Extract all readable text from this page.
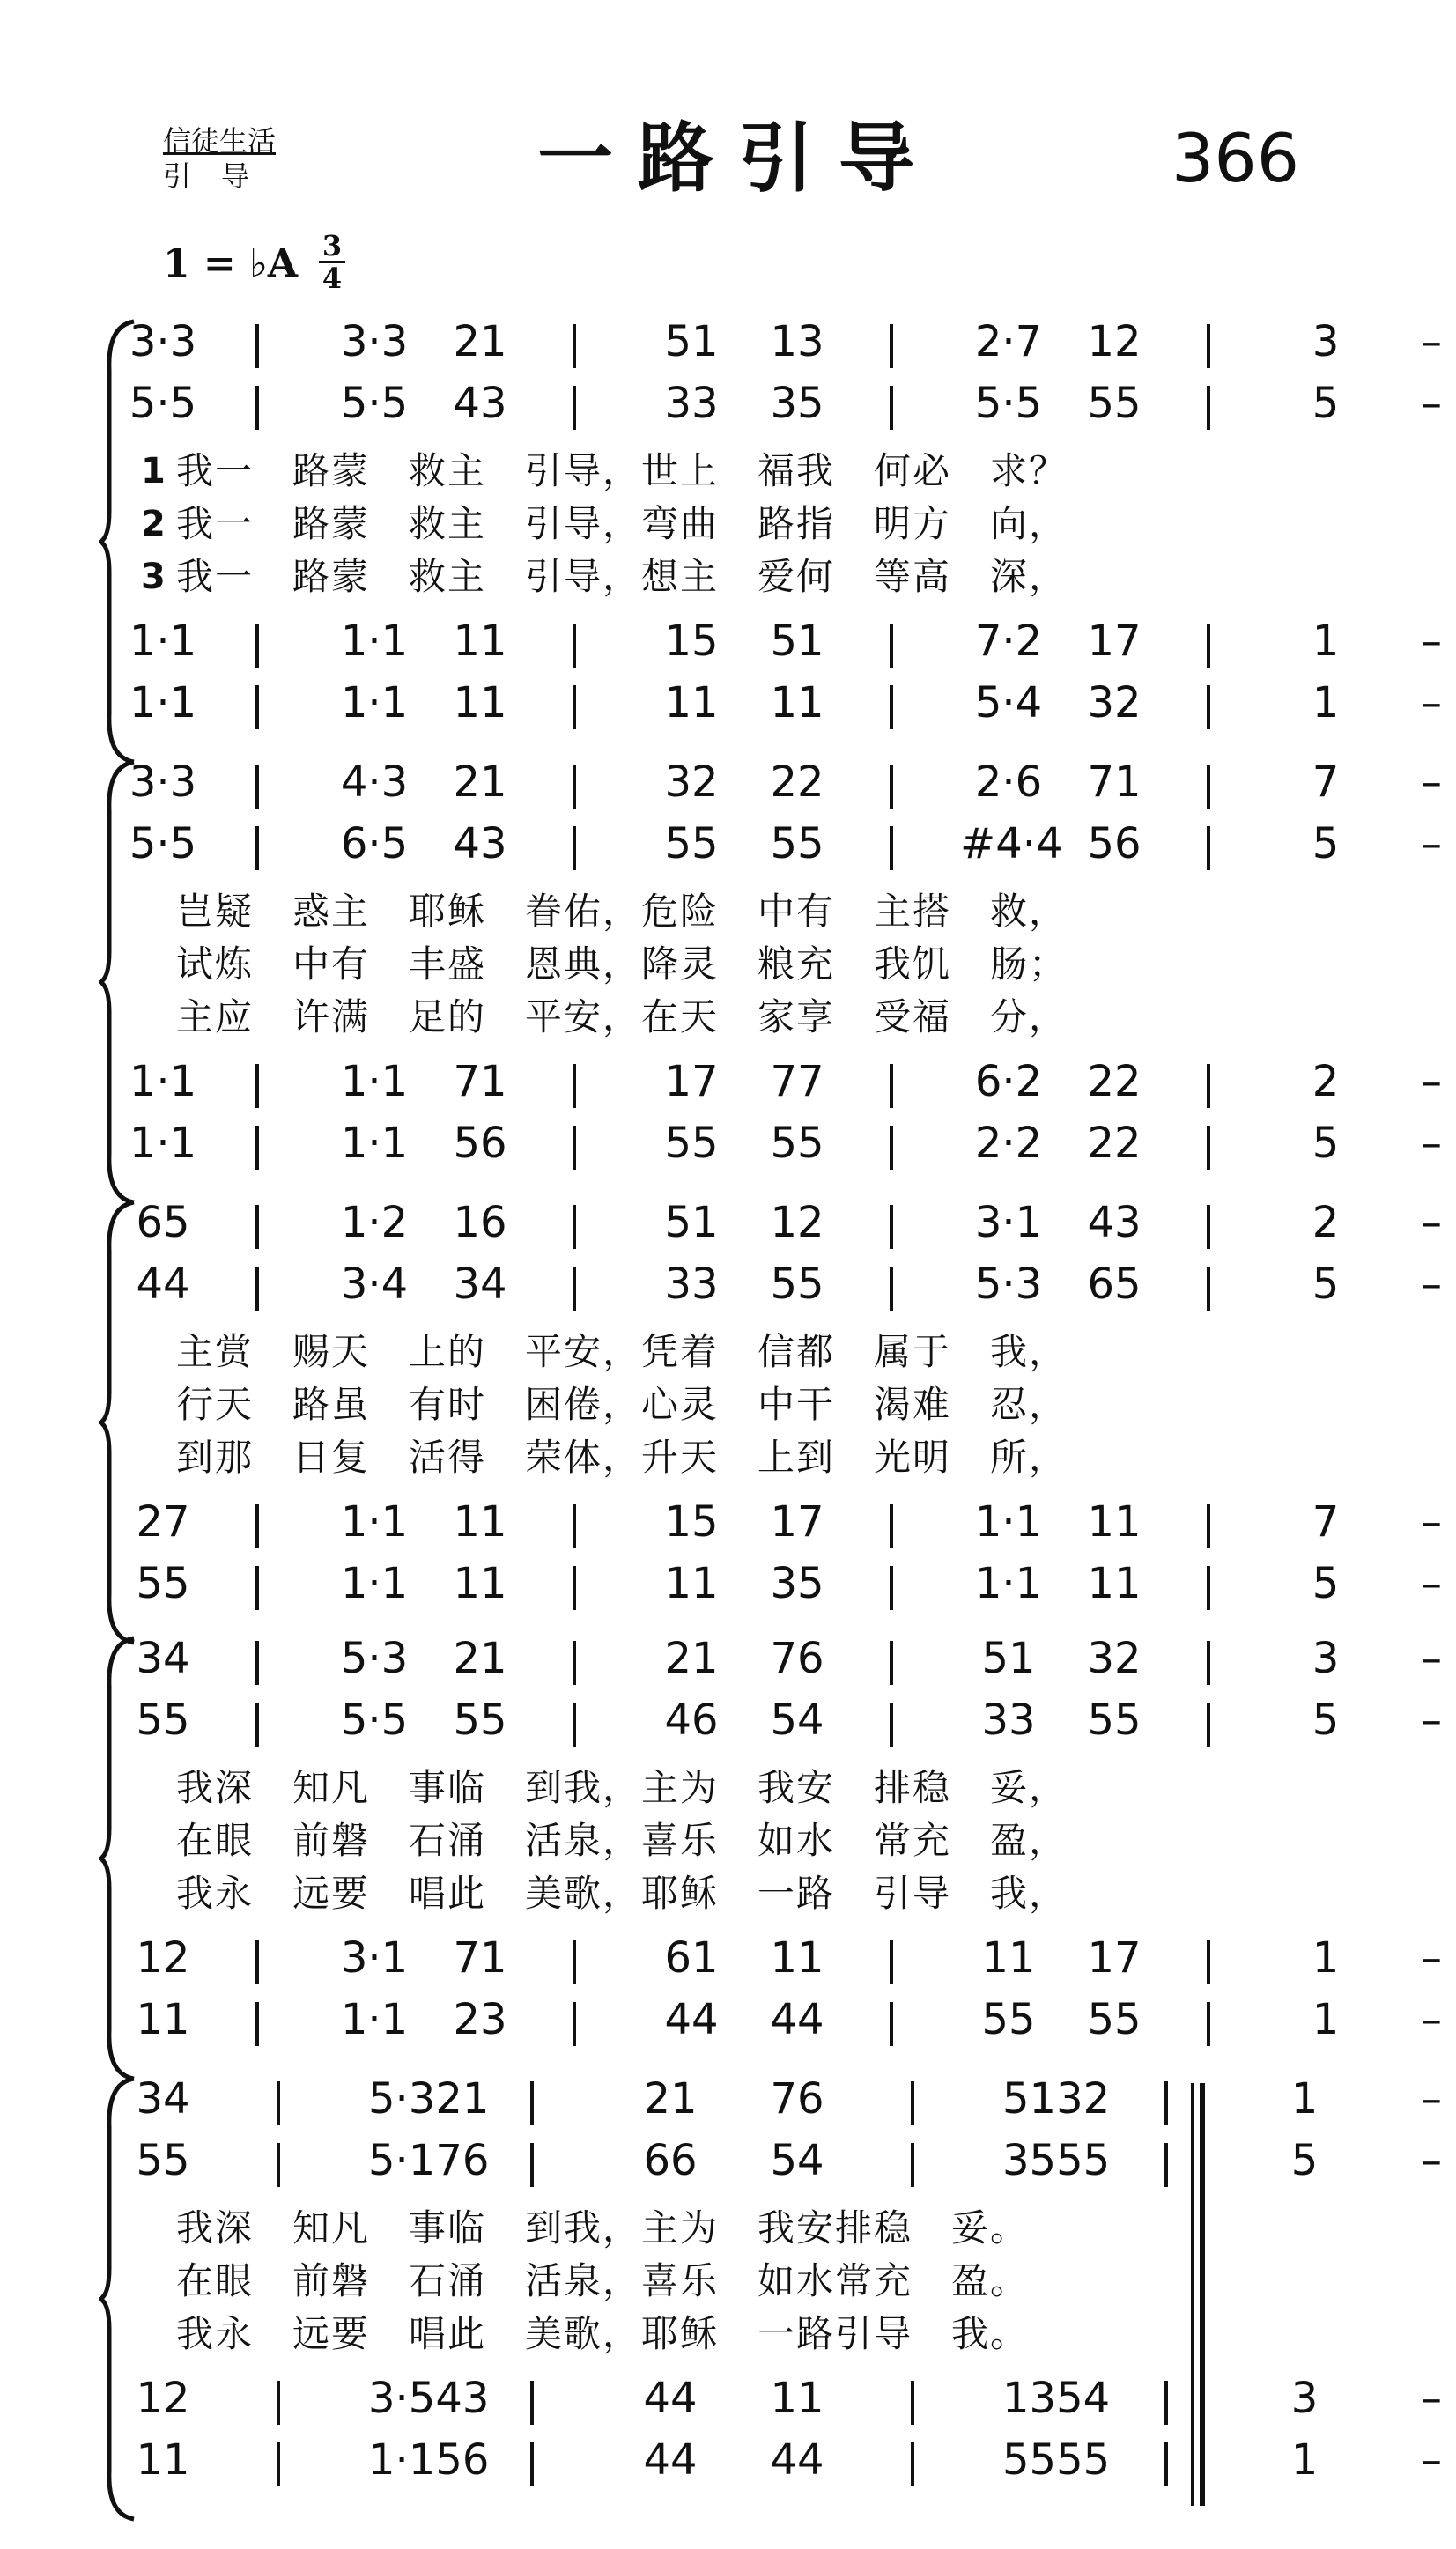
信徒生活
引导	一路引导	366
1 = ♭A 3
4
3·3	3·3	21	51	13	2·7	12	3	–
5·5	5·5	43	33	35	5·5	55	5	–
1·1	1·1	11	15	51	7·2	17	1	–
1·1	1·1	11	11	11	5·4	32	1	–
我一　路蒙　救主　引导，世上　福我　何必　求？
1
我一　路蒙　救主　引导，弯曲　路指　明方　向，
2
我一　路蒙　救主　引导，想主　爱何　等高　深，
3
3·3	4·3	21	32	22	2·6	71	7	–
5·5	6·5	43	55	55	#4·4 56	5	–
1·1	1·1	71	17	77	6·2	22	2	–
1·1	1·1	56	55	55	2·2	22	5	–
岂疑　惑主　耶稣　眷佑，危险　中有　主搭　救，
试炼　中有　丰盛　恩典，降灵　粮充　我饥　肠；
主应　许满　足的　平安，在天　家享　受福　分，
65	1·2	16	51	12	3·1	43	2	–
44	3·4	34	33	55	5·3	65	5	–
27	1·1	11	15	17	1·1	11	7	–
55	1·1	11	11	35	1·1	11	5	–
主赏　赐天　上的　平安，凭着　信都　属于　我，
行天　路虽　有时　困倦，心灵　中干　渴难　忍，
到那　日复　活得　荣体，升天　上到　光明　所，
34	5·3	21	21	76	51	32	3	–
55	5·5	55	46	54	33	55	5	–
12	3·1	71	61	11	11	17	1	–
11	1·1	23	44	44	55	55	1	–
我深　知凡　事临　到我，主为　我安　排稳　妥，
在眼　前磐　石涌　活泉，喜乐　如水　常充　盈，
我永　远要　唱此　美歌，耶稣　一路　引导　我，
34	5·321	21	76	5132	1	–
55	5·176	66	54	3555	5	–
12	3·543	44	11	1354	3	–
11	1·156	44	44	5555	1	–
我深　知凡　事临　到我，主为　我安排稳　妥。
在眼　前磐　石涌　活泉，喜乐　如水常充　盈。
我永　远要　唱此　美歌，耶稣　一路引导　我。
